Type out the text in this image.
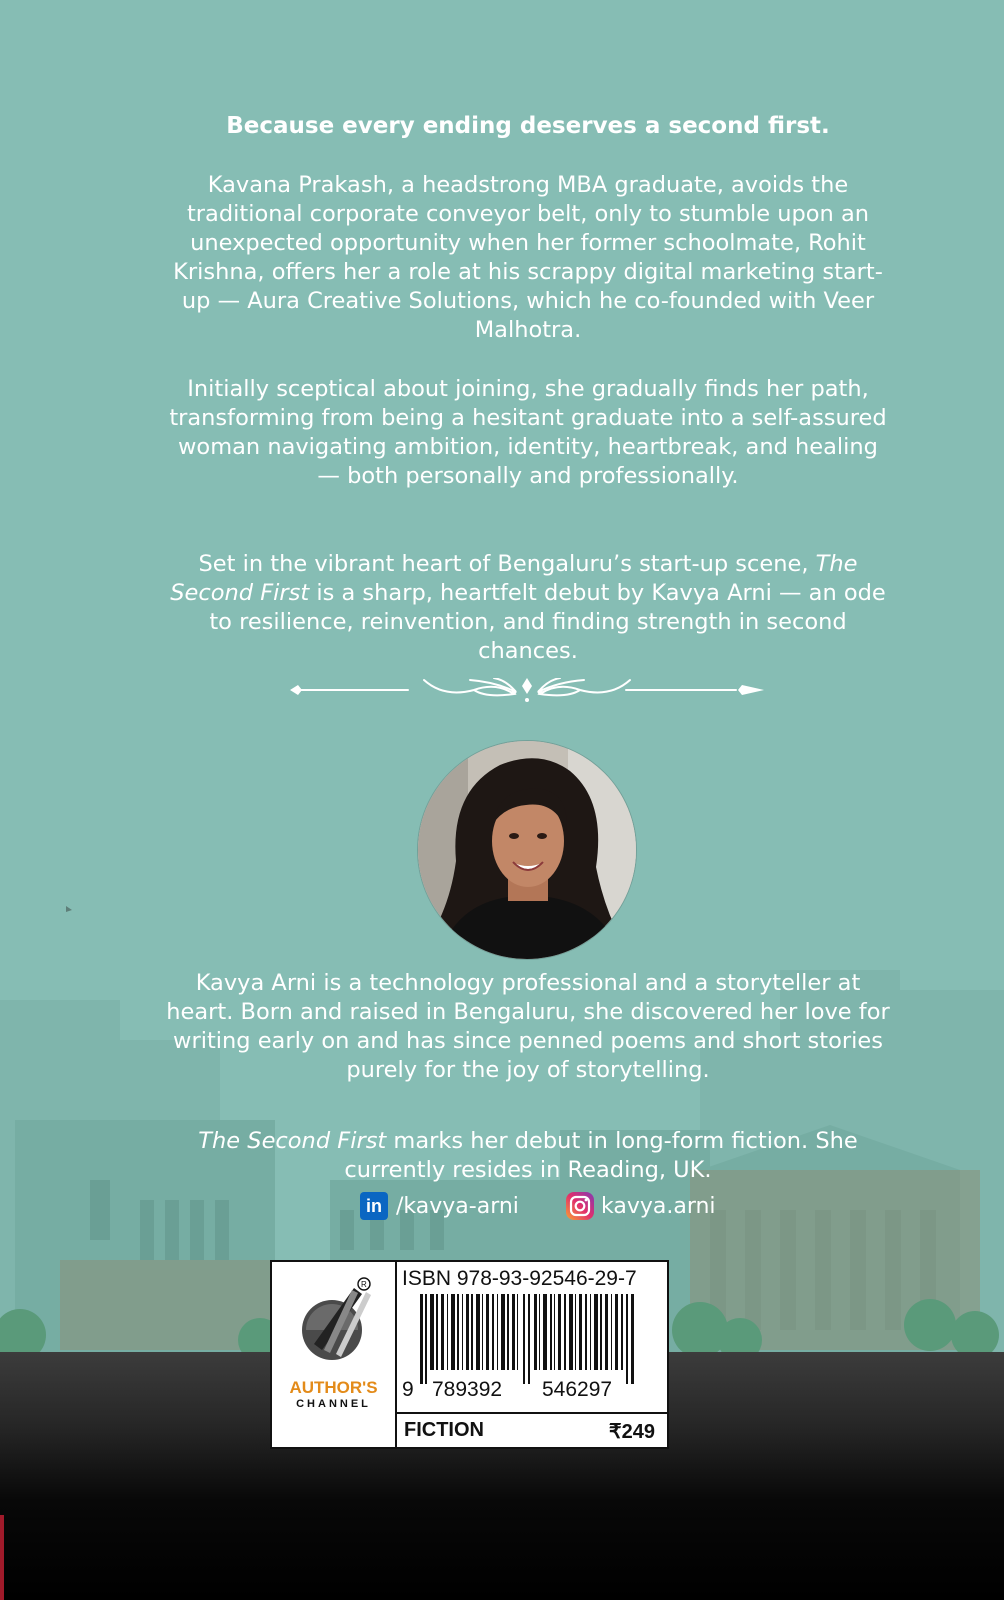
Because every ending deserves a second first.

Kavana Prakash, a headstrong MBA graduate, avoids the traditional corporate conveyor belt, only to stumble upon an unexpected opportunity when her former schoolmate, Rohit Krishna, offers her a role at his scrappy digital marketing start-up — Aura Creative Solutions, which he co-founded with Veer Malhotra.

Initially sceptical about joining, she gradually finds her path, transforming from being a hesitant graduate into a self-assured woman navigating ambition, identity, heartbreak, and healing — both personally and professionally.

Set in the vibrant heart of Bengaluru’s start-up scene, The Second First is a sharp, heartfelt debut by Kavya Arni — an ode to resilience, reinvention, and finding strength in second chances.

Kavya Arni is a technology professional and a storyteller at heart. Born and raised in Bengaluru, she discovered her love for writing early on and has since penned poems and short stories purely for the joy of storytelling.

The Second First marks her debut in long-form fiction. She currently resides in Reading, UK.

in /kavya-arni	kavya.arni
R
AUTHOR'S
CHANNEL
ISBN 978-93-92546-29-7
9 789392 546297
FICTION	₹249
